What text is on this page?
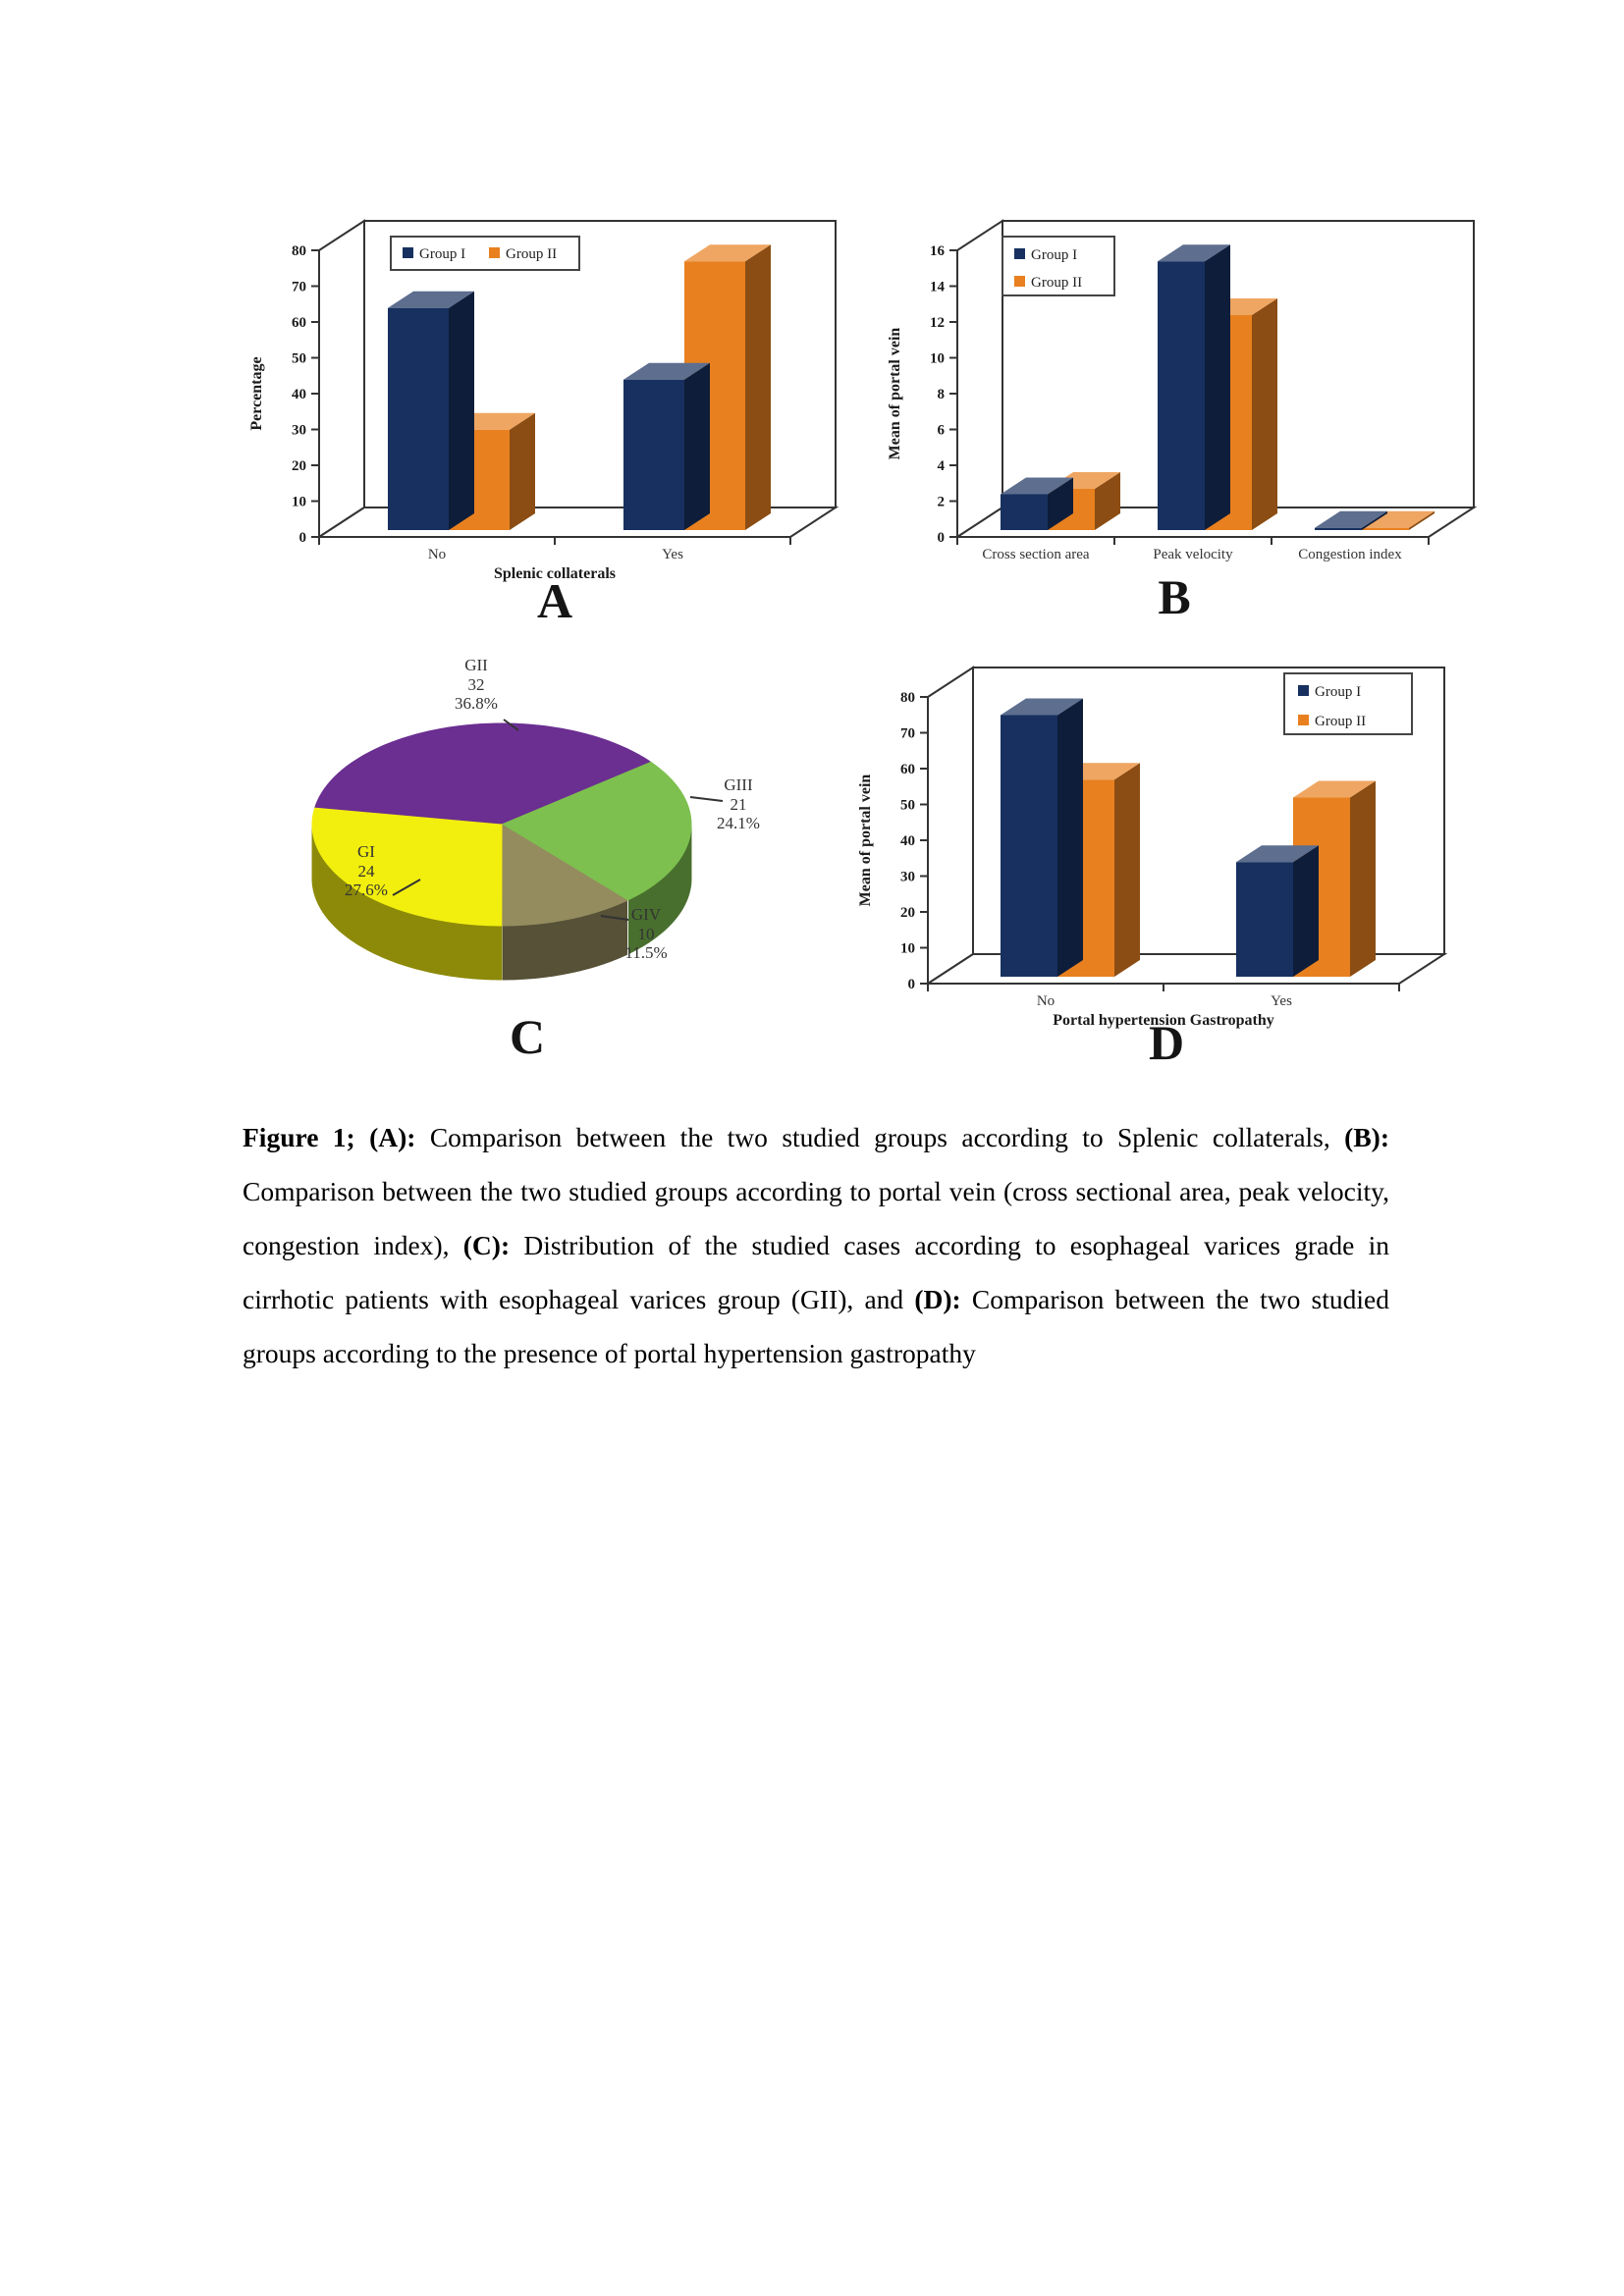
0
10
20
30
40
50
60
70
80
No	Yes
Splenic collaterals
Percentage
Group I	Group II
0
2
4
6
8
10
12
14
16
Cross section area	Peak velocity	Congestion index
Mean of portal vein
Group I
Group II
GII
32
36.8%
GIII
21
24.1%
GIV
10
11.5%
GI
24
27.6%
0
10
20
30
40
50
60
70
80
No	Yes
Portal hypertension Gastropathy
Mean of portal vein
Group I
Group II
A	B
C	D

Figure 1; (A): Comparison between the two studied groups according to Splenic collaterals, (B): Comparison between the two studied groups according to portal vein (cross sectional area, peak velocity, congestion index), (C): Distribution of the studied cases according to esophageal varices grade in cirrhotic patients with esophageal varices group (GII), and (D): Comparison between the two studied groups according to the presence of portal hypertension gastropathy
